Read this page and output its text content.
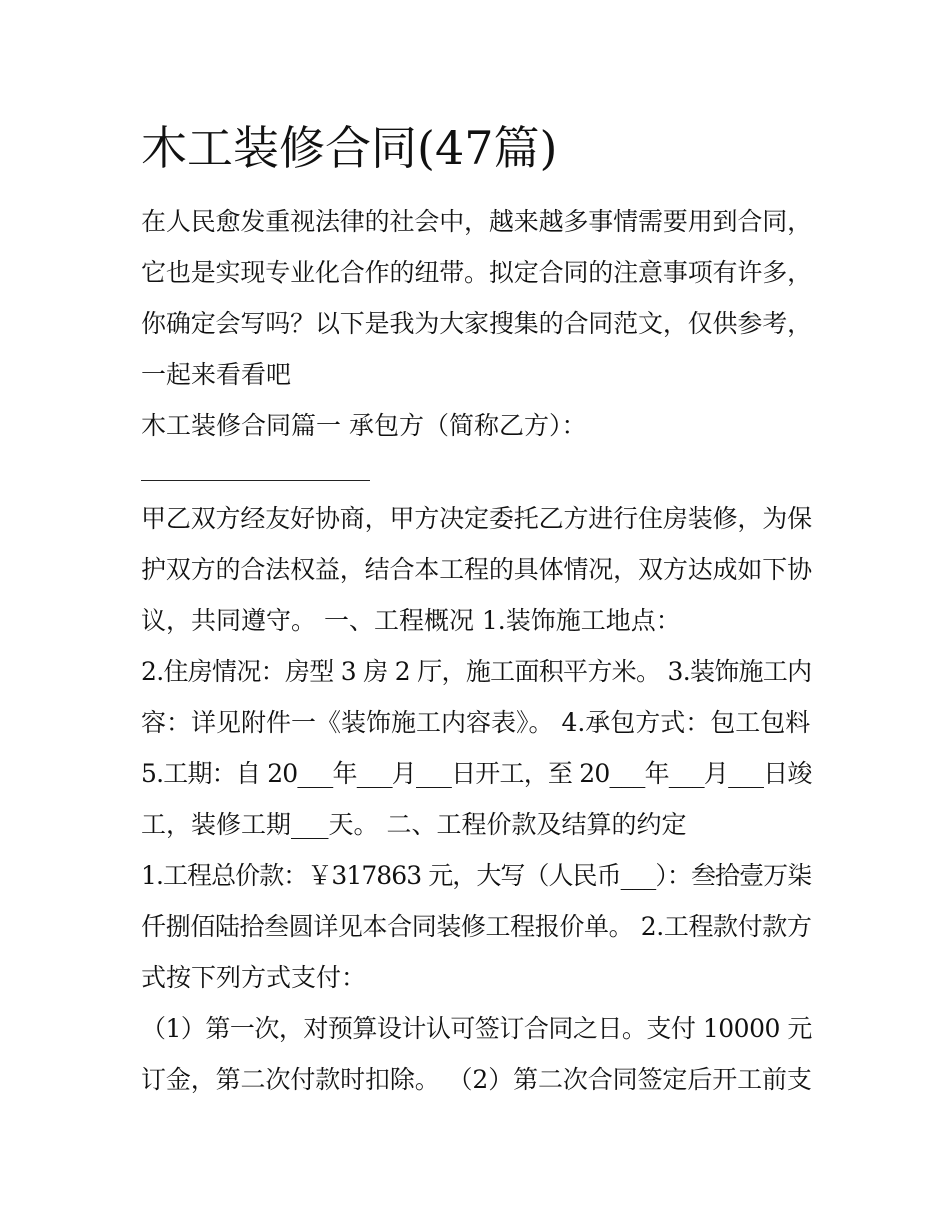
木工装修合同(47篇)
在人民愈发重视法律的社会中，越来越多事情需要用到合同，
它也是实现专业化合作的纽带。拟定合同的注意事项有许多，
你确定会写吗？以下是我为大家搜集的合同范文，仅供参考，
一起来看看吧
木工装修合同篇一 承包方（简称乙方）：
甲乙双方经友好协商，甲方决定委托乙方进行住房装修，为保
护双方的合法权益，结合本工程的具体情况，双方达成如下协
议，共同遵守。 一、工程概况 1.装饰施工地点：
2.住房情况：房型 3 房 2 厅，施工面积平方米。 3.装饰施工内
容：详见附件一《装饰施工内容表》。 4.承包方式：包工包料
5.工期：自 20___年___月___日开工，至 20___年___月___日竣
工，装修工期___天。 二、工程价款及结算的约定
1.工程总价款：￥317863 元，大写（人民币___）：叁拾壹万柒
仟捌佰陆拾叁圆详见本合同装修工程报价单。 2.工程款付款方
式按下列方式支付：
（1）第一次，对预算设计认可签订合同之日。支付 10000 元
订金，第二次付款时扣除。 （2）第二次合同签定后开工前支
